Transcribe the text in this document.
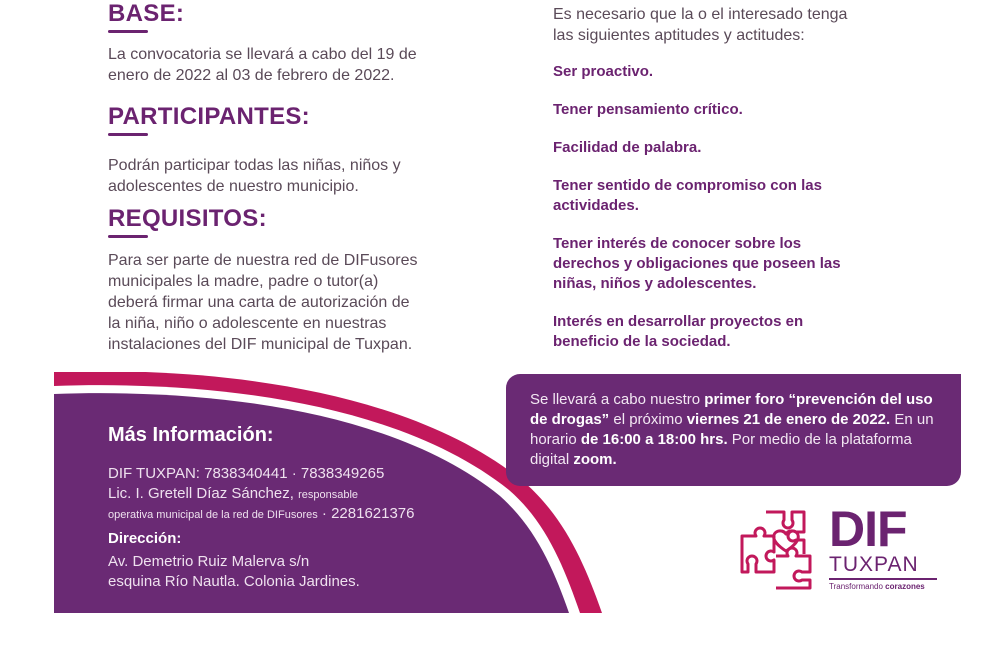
BASE:
La convocatoria se llevará a cabo del 19 de
enero de 2022 al 03 de febrero de 2022.
PARTICIPANTES:
Podrán participar todas las niñas, niños y
adolescentes de nuestro municipio.
REQUISITOS:
Para ser parte de nuestra red de DIFusores
municipales la madre, padre o tutor(a)
deberá firmar una carta de autorización de
la niña, niño o adolescente en nuestras
instalaciones del DIF municipal de Tuxpan.
Es necesario que la o el interesado tenga
las siguientes aptitudes y actitudes:
Ser proactivo.
Tener pensamiento crítico.
Facilidad de palabra.
Tener sentido de compromiso con las
actividades.
Tener interés de conocer sobre los
derechos y obligaciones que poseen las
niñas, niños y adolescentes.
Interés en desarrollar proyectos en
beneficio de la sociedad.
Más Información:
DIF TUXPAN: 7838340441 · 7838349265
Lic. I. Gretell Díaz Sánchez, responsable
operativa municipal de la red de DIFusores · 2281621376
Dirección:
Av. Demetrio Ruiz Malerva s/n
esquina Río Nautla. Colonia Jardines.
Se llevará a cabo nuestro primer foro “prevención del uso de drogas” el próximo viernes 21 de enero de 2022. En un horario de 16:00 a 18:00 hrs. Por medio de la plataforma digital zoom.
DIF
TUXPAN
Transformando corazones
